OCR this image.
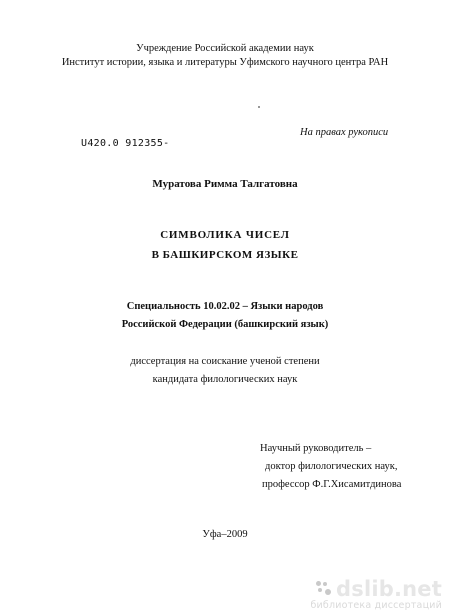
Учреждение Российской академии наук
Институт истории, языка и литературы Уфимского научного центра РАН
На правах рукописи
U420.0 912355-
Муратова Римма Талгатовна
СИМВОЛИКА ЧИСЕЛ
В БАШКИРСКОМ ЯЗЫКЕ
Специальность 10.02.02 – Языки народов
Российской Федерации (башкирский язык)
диссертация на соискание ученой степени
кандидата филологических наук
Научный руководитель –
доктор филологических наук,
профессор Ф.Г.Хисамитдинова
Уфа–2009
dslib.net
библиотека диссертаций
